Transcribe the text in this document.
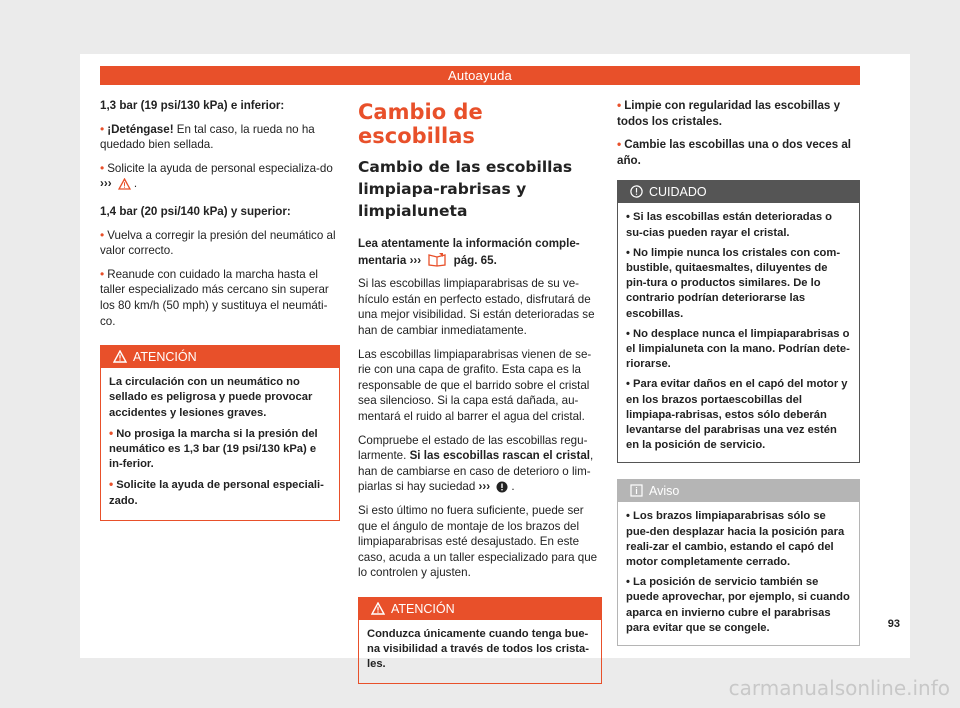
Autoayuda

1,3 bar (19 psi/130 kPa) e inferior:

• ¡Deténgase! En tal caso, la rueda no ha quedado bien sellada.

• Solicite la ayuda de personal especializa-do ››› .

1,4 bar (20 psi/140 kPa) y superior:

• Vuelva a corregir la presión del neumático al valor correcto.

• Reanude con cuidado la marcha hasta el taller especializado más cercano sin superar los 80 km/h (50 mph) y sustituya el neumáti-co.

ATENCIÓN

La circulación con un neumático no sellado es peligrosa y puede provocar accidentes y lesiones graves.

• No prosiga la marcha si la presión del neumático es 1,3 bar (19 psi/130 kPa) e in-ferior.

• Solicite la ayuda de personal especiali-zado.

Cambio de escobillas
Cambio de las escobillas limpiapa-rabrisas y limpialuneta

Lea atentamente la información comple-mentaria ›››	pág. 65.

Si las escobillas limpiaparabrisas de su ve-hículo están en perfecto estado, disfrutará de una mejor visibilidad. Si están deterioradas se han de cambiar inmediatamente.

Las escobillas limpiaparabrisas vienen de se-rie con una capa de grafito. Esta capa es la responsable de que el barrido sobre el cristal sea silencioso. Si la capa está dañada, au-mentará el ruido al barrer el agua del cristal.

Compruebe el estado de las escobillas regu-larmente. Si las escobillas rascan el cristal, han de cambiarse en caso de deterioro o lim-piarlas si hay suciedad ››› .

Si esto último no fuera suficiente, puede ser que el ángulo de montaje de los brazos del limpiaparabrisas esté desajustado. En este caso, acuda a un taller especializado para que lo controlen y ajusten.

ATENCIÓN

Conduzca únicamente cuando tenga bue-na visibilidad a través de todos los crista-les.

• Limpie con regularidad las escobillas y todos los cristales.

• Cambie las escobillas una o dos veces al año.

CUIDADO

• Si las escobillas están deterioradas o su-cias pueden rayar el cristal.

• No limpie nunca los cristales con com-bustible, quitaesmaltes, diluyentes de pin-tura o productos similares. De lo contrario podrían deteriorarse las escobillas.

• No desplace nunca el limpiaparabrisas o el limpialuneta con la mano. Podrían dete-riorarse.

• Para evitar daños en el capó del motor y en los brazos portaescobillas del limpiapa-rabrisas, estos sólo deberán levantarse del parabrisas una vez estén en la posición de servicio.

Aviso

• Los brazos limpiaparabrisas sólo se pue-den desplazar hacia la posición para reali-zar el cambio, estando el capó del motor completamente cerrado.

• La posición de servicio también se puede aprovechar, por ejemplo, si cuando aparca en invierno cubre el parabrisas para evitar que se congele.	93
carmanualsonline.info
